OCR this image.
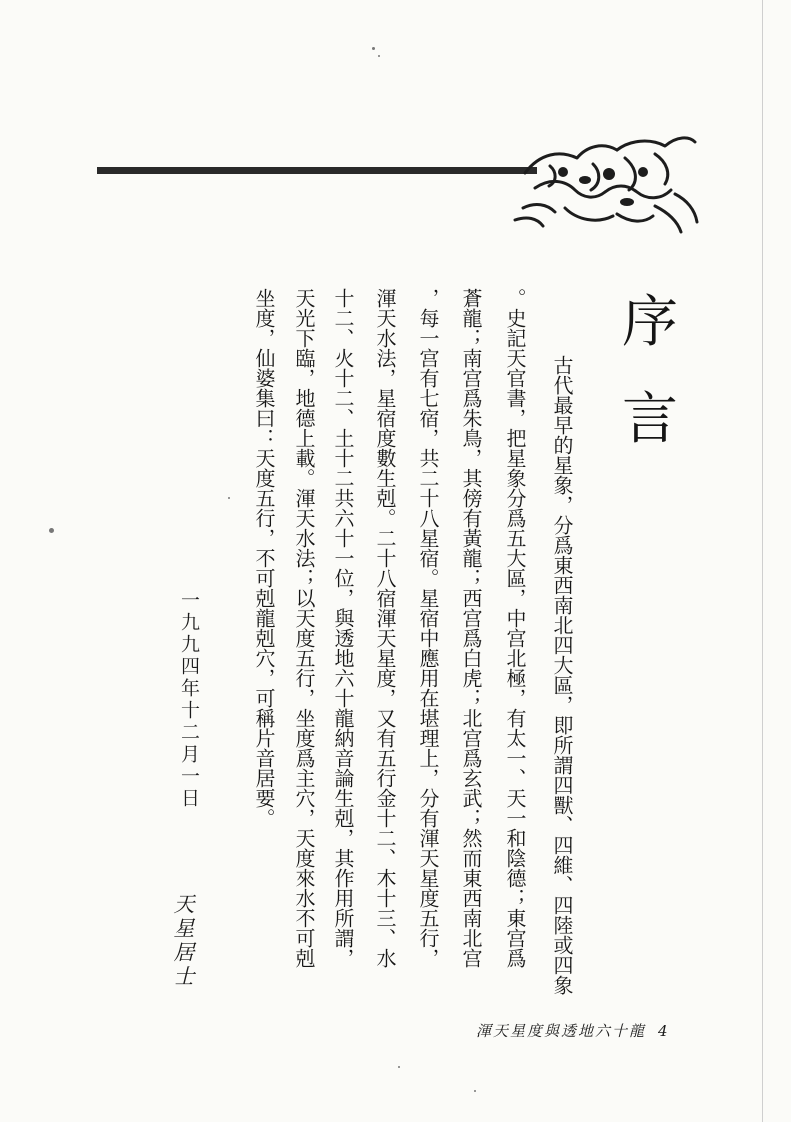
序
言
古代最早的星象，分爲東西南北四大區，即所謂四獸、四維、四陸或四象
。史記天官書，把星象分爲五大區，中宫北極，有太一、天一和陰德；東宫爲
蒼龍；南宫爲朱鳥，其傍有黃龍；西宫爲白虎；北宫爲玄武；然而東西南北宫
，每一宫有七宿，共二十八星宿。星宿中應用在堪理上，分有渾天星度五行，
渾天水法，星宿度數生剋。二十八宿渾天星度，又有五行金十二、木十三、水
十二、火十二、土十二共六十一位，與透地六十龍納音論生剋，其作用所謂，
天光下臨，地德上載。渾天水法；以天度五行，坐度爲主穴，天度來水不可剋
坐度，仙婆集曰：天度五行，不可剋龍剋穴，可稱片音居要。
一九九四年十二月一日
天星居士
渾天星度與透地六十龍 4
